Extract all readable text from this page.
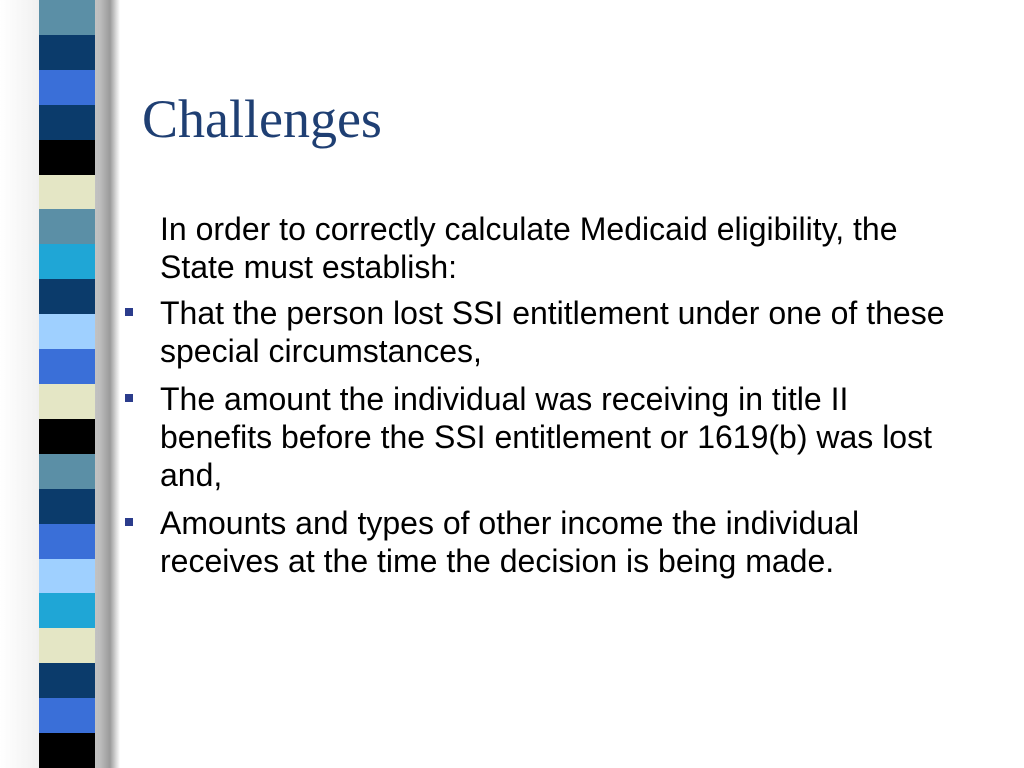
Challenges

In order to correctly calculate Medicaid eligibility, the State must establish:

That the person lost SSI entitlement under one of these special circumstances,
The amount the individual was receiving in title II benefits before the SSI entitlement or 1619(b) was lost and,
Amounts and types of other income the individual receives at the time the decision is being made.
